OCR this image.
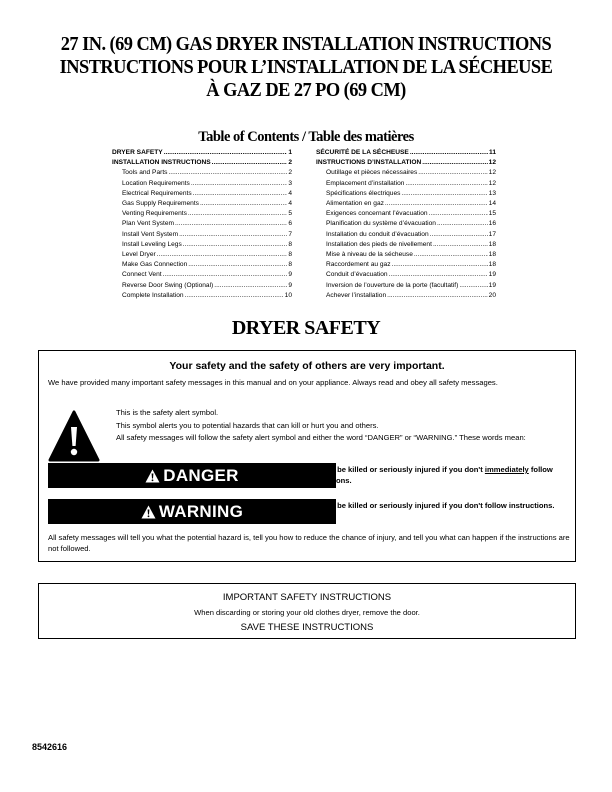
27 IN. (69 CM) GAS DRYER INSTALLATION INSTRUCTIONS
INSTRUCTIONS POUR L’INSTALLATION DE LA SÉCHEUSE
À GAZ DE 27 PO (69 CM)
Table of Contents / Table des matières
DRYER SAFETY .....	1
INSTALLATION INSTRUCTIONS .....	2
Tools and Parts .....	2
Location Requirements .....	3
Electrical Requirements .....	4
Gas Supply Requirements .....	4
Venting Requirements .....	5
Plan Vent System .....	6
Install Vent System .....	7
Install Leveling Legs .....	8
Level Dryer .....	8
Make Gas Connection .....	8
Connect Vent .....	9
Reverse Door Swing (Optional) .....	9
Complete Installation .....	10
SÉCURITÉ DE LA SÉCHEUSE .....	11
INSTRUCTIONS D’INSTALLATION .....	12
Outillage et pièces nécessaires .....	12
Emplacement d’installation .....	12
Spécifications électriques .....	13
Alimentation en gaz .....	14
Exigences concernant l’évacuation .....	15
Planification du système d’évacuation .....	16
Installation du conduit d’évacuation .....	17
Installation des pieds de nivellement .....	18
Mise à niveau de la sécheuse .....	18
Raccordement au gaz .....	18
Conduit d’évacuation .....	19
Inversion de l’ouverture de la porte (facultatif) .....	19
Achever l’installation .....	20
DRYER SAFETY
Your safety and the safety of others are very important.
We have provided many important safety messages in this manual and on your appliance. Always read and obey all safety messages.
This is the safety alert symbol.
This symbol alerts you to potential hazards that can kill or hurt you and others.
All safety messages will follow the safety alert symbol and either the word “DANGER” or “WARNING.” These words mean:
DANGER	You can be killed or seriously injured if you don't immediately follow instructions.
WARNING	You can be killed or seriously injured if you don't follow instructions.
All safety messages will tell you what the potential hazard is, tell you how to reduce the chance of injury, and tell you what can happen if the instructions are not followed.
IMPORTANT SAFETY INSTRUCTIONS
When discarding or storing your old clothes dryer, remove the door.
SAVE THESE INSTRUCTIONS
8542616
